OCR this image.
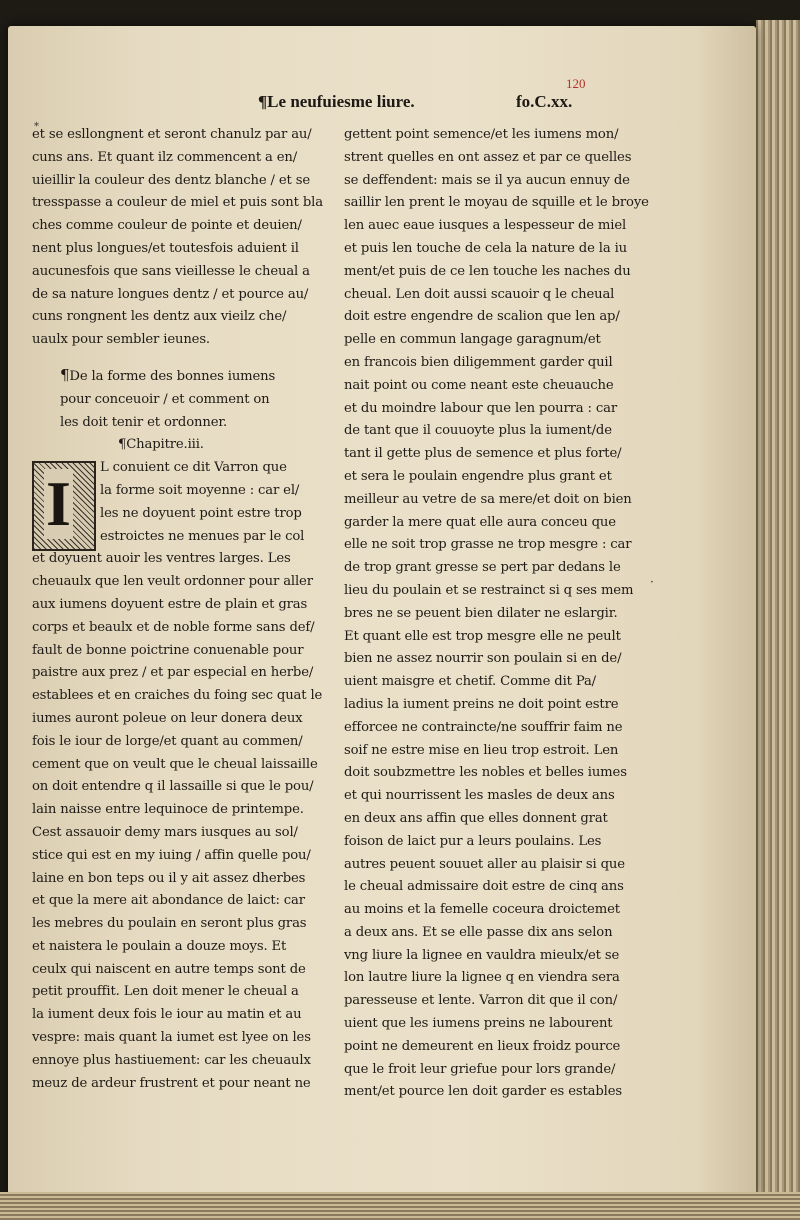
120
¶Le neufuiesme liure.	fo.C.xx.
⁎

et se esllongnent et seront chanulz par au/

cuns ans. Et quant ilz commencent a en/

uieillir la couleur des dentz blanche / et se

tresspasse a couleur de miel et puis sont bla

ches comme couleur de pointe et deuien/

nent plus longues/et toutesfois aduient il

aucunesfois que sans vieillesse le cheual a

de sa nature longues dentz / et pource au/

cuns rongnent les dentz aux vieilz che/

uaulx pour sembler ieunes.

¶De la forme des bonnes iumens

pour conceuoir / et comment on

les doit tenir et ordonner.

¶Chapitre.iii.

I

L conuient ce dit Varron que

la forme soit moyenne : car el/

les ne doyuent point estre trop

estroictes ne menues par le col

et doyuent auoir les ventres larges. Les

cheuaulx que len veult ordonner pour aller

aux iumens doyuent estre de plain et gras

corps et beaulx et de noble forme sans def/

fault de bonne poictrine conuenable pour

paistre aux prez / et par especial en herbe/

establees et en craiches du foing sec quat le

iumes auront poleue on leur donera deux

fois le iour de lorge/et quant au commen/

cement que on veult que le cheual laissaille

on doit entendre q il lassaille si que le pou/

lain naisse entre lequinoce de printempe.

Cest assauoir demy mars iusques au sol/

stice qui est en my iuing / affin quelle pou/

laine en bon teps ou il y ait assez dherbes

et que la mere ait abondance de laict: car

les mebres du poulain en seront plus gras

et naistera le poulain a douze moys. Et

ceulx qui naiscent en autre temps sont de

petit prouffit. Len doit mener le cheual a

la iument deux fois le iour au matin et au

vespre: mais quant la iumet est lyee on les

ennoye plus hastiuement: car les cheuaulx

meuz de ardeur frustrent et pour neant ne

gettent point semence/et les iumens mon/

strent quelles en ont assez et par ce quelles

se deffendent: mais se il ya aucun ennuy de

saillir len prent le moyau de squille et le broye

len auec eaue iusques a lespesseur de miel

et puis len touche de cela la nature de la iu

ment/et puis de ce len touche les naches du

cheual. Len doit aussi scauoir q le cheual

doit estre engendre de scalion que len ap/

pelle en commun langage garagnum/et

en francois bien diligemment garder quil

nait point ou come neant este cheuauche

et du moindre labour que len pourra : car

de tant que il couuoyte plus la iument/de

tant il gette plus de semence et plus forte/

et sera le poulain engendre plus grant et

meilleur au vetre de sa mere/et doit on bien

garder la mere quat elle aura conceu que

elle ne soit trop grasse ne trop mesgre : car

de trop grant gresse se pert par dedans le

lieu du poulain et se restrainct si q ses mem

bres ne se peuent bien dilater ne eslargir.

Et quant elle est trop mesgre elle ne peult

bien ne assez nourrir son poulain si en de/

uient maisgre et chetif. Comme dit Pa/

ladius la iument preins ne doit point estre

efforcee ne contraincte/ne souffrir faim ne

soif ne estre mise en lieu trop estroit. Len

doit soubzmettre les nobles et belles iumes

et qui nourrissent les masles de deux ans

en deux ans affin que elles donnent grat

foison de laict pur a leurs poulains. Les

autres peuent souuet aller au plaisir si que

le cheual admissaire doit estre de cinq ans

au moins et la femelle coceura droictemet

a deux ans. Et se elle passe dix ans selon

vng liure la lignee en vauldra mieulx/et se

lon lautre liure la lignee q en viendra sera

paresseuse et lente. Varron dit que il con/

uient que les iumens preins ne labourent

point ne demeurent en lieux froidz pource

que le froit leur griefue pour lors grande/

ment/et pource len doit garder es estables

·
